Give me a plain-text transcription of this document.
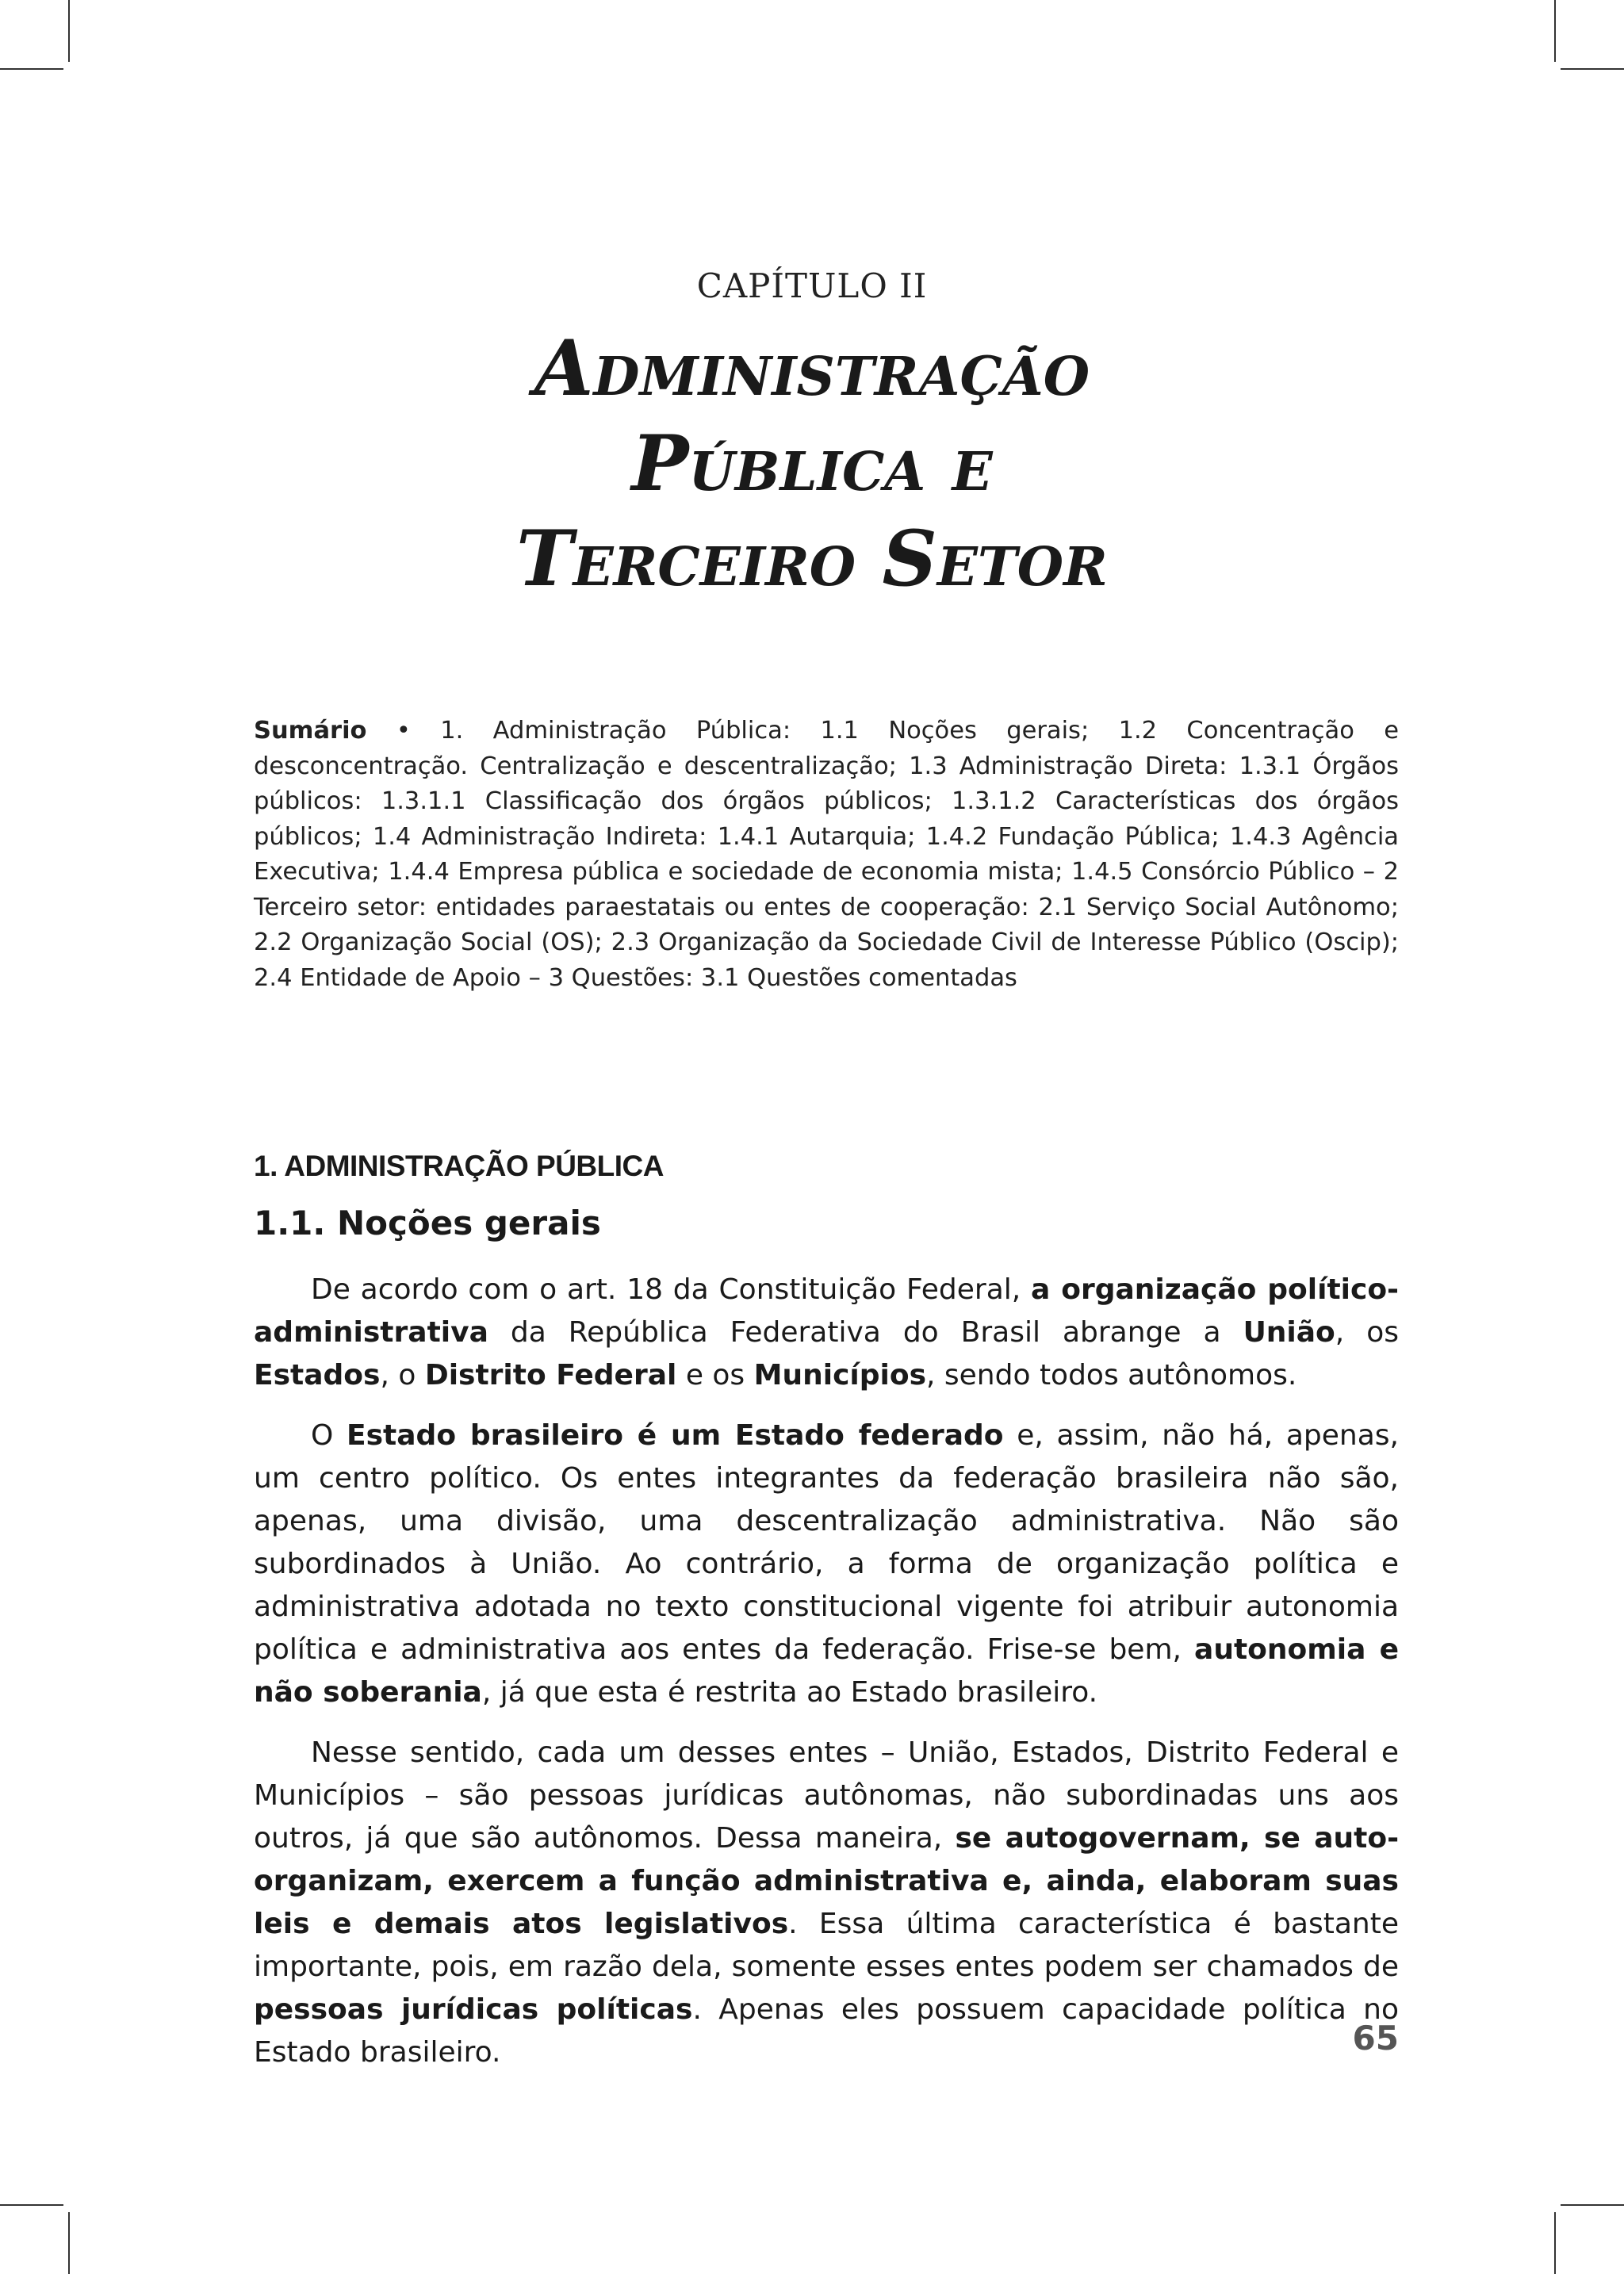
CAPÍTULO II
Administração
Pública e
Terceiro Setor
Sumário • 1. Administração Pública: 1.1 Noções gerais; 1.2 Concentração e desconcentração. Centralização e descentralização; 1.3 Administração Direta: 1.3.1 Órgãos públicos: 1.3.1.1 Classificação dos órgãos públicos; 1.3.1.2 Características dos órgãos públicos; 1.4 Administração Indireta: 1.4.1 Autarquia; 1.4.2 Fundação Pública; 1.4.3 Agência Executiva; 1.4.4 Empresa pública e sociedade de economia mista; 1.4.5 Consórcio Público – 2 Terceiro setor: entidades paraestatais ou entes de cooperação: 2.1 Serviço Social Autônomo; 2.2 Organização Social (OS); 2.3 Organização da Sociedade Civil de Interesse Público (Oscip); 2.4 Entidade de Apoio – 3 Questões: 3.1 Questões comentadas
1. ADMINISTRAÇÃO PÚBLICA
1.1. Noções gerais

De acordo com o art. 18 da Constituição Federal, a organização político-administrativa da República Federativa do Brasil abrange a União, os Estados, o Distrito Federal e os Municípios, sendo todos autônomos.

O Estado brasileiro é um Estado federado e, assim, não há, apenas, um centro político. Os entes integrantes da federação brasileira não são, apenas, uma divisão, uma descentralização administrativa. Não são subordinados à União. Ao contrário, a forma de organização política e administrativa adotada no texto constitucional vigente foi atribuir autonomia política e administrativa aos entes da federação. Frise-se bem, autonomia e não soberania, já que esta é restrita ao Estado brasileiro.

Nesse sentido, cada um desses entes – União, Estados, Distrito Federal e Municípios – são pessoas jurídicas autônomas, não subordinadas uns aos outros, já que são autônomos. Dessa maneira, se autogovernam, se auto-organizam, exercem a função administrativa e, ainda, elaboram suas leis e demais atos legislativos. Essa última característica é bastante importante, pois, em razão dela, somente esses entes podem ser chamados de pessoas jurídicas políticas. Apenas eles possuem capacidade política no Estado brasileiro.	65
